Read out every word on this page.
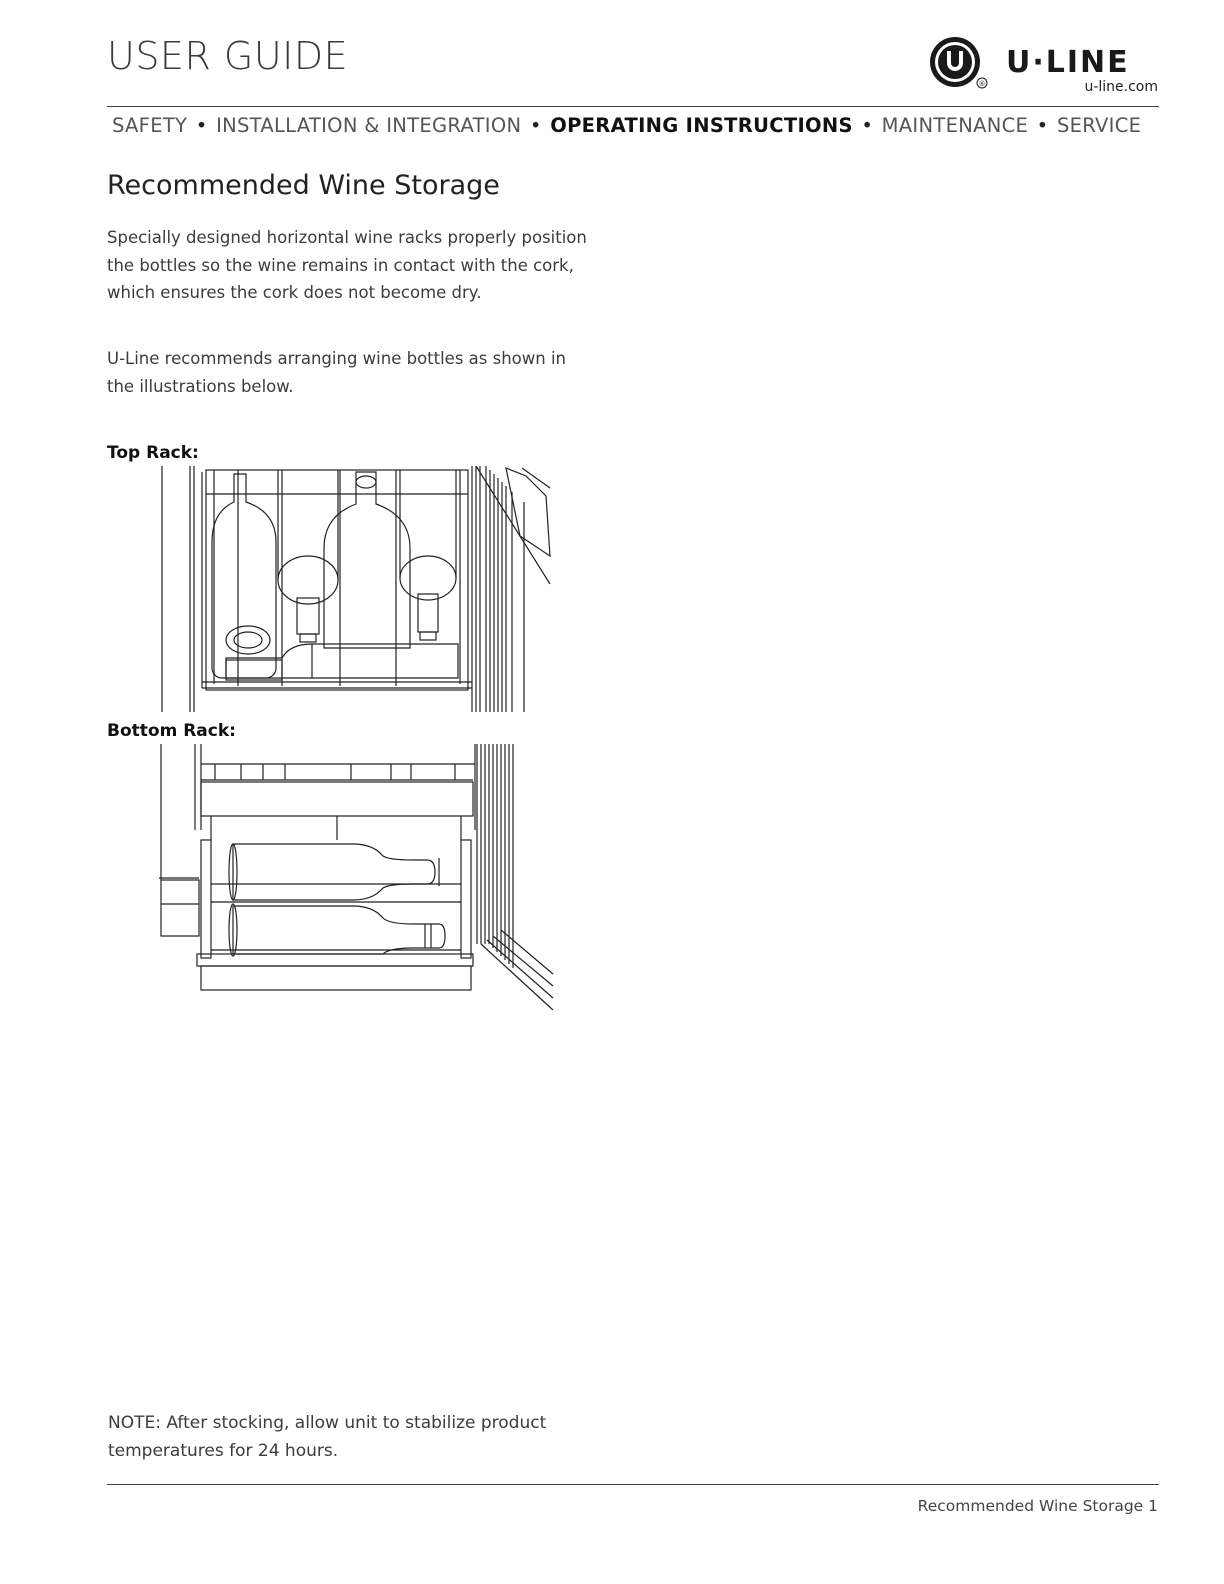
USER GUIDE
®
U·LINE
u-line.com
SAFETY • INSTALLATION & INTEGRATION • OPERATING INSTRUCTIONS • MAINTENANCE • SERVICE
Recommended Wine Storage
Specially designed horizontal wine racks properly position the bottles so the wine remains in contact with the cork, which ensures the cork does not become dry.
U-Line recommends arranging wine bottles as shown in the illustrations below.
Top Rack:
Bottom Rack:
NOTE: After stocking, allow unit to stabilize product temperatures for 24 hours.
Recommended Wine Storage 1
